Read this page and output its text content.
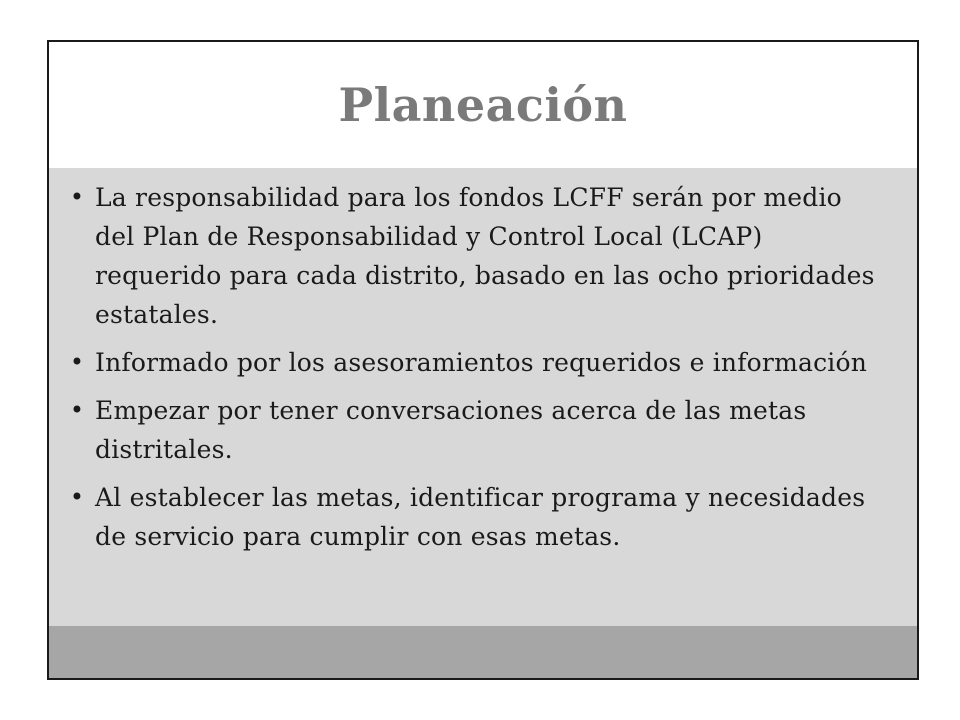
Planeación
• La responsabilidad para los fondos LCFF serán por medio del Plan de Responsabilidad y Control Local (LCAP) requerido para cada distrito, basado en las ocho prioridades estatales.
• Informado por los asesoramientos requeridos e información
• Empezar por tener conversaciones acerca de las metas distritales.
• Al establecer las metas, identificar programa y necesidades de servicio para cumplir con esas metas.
